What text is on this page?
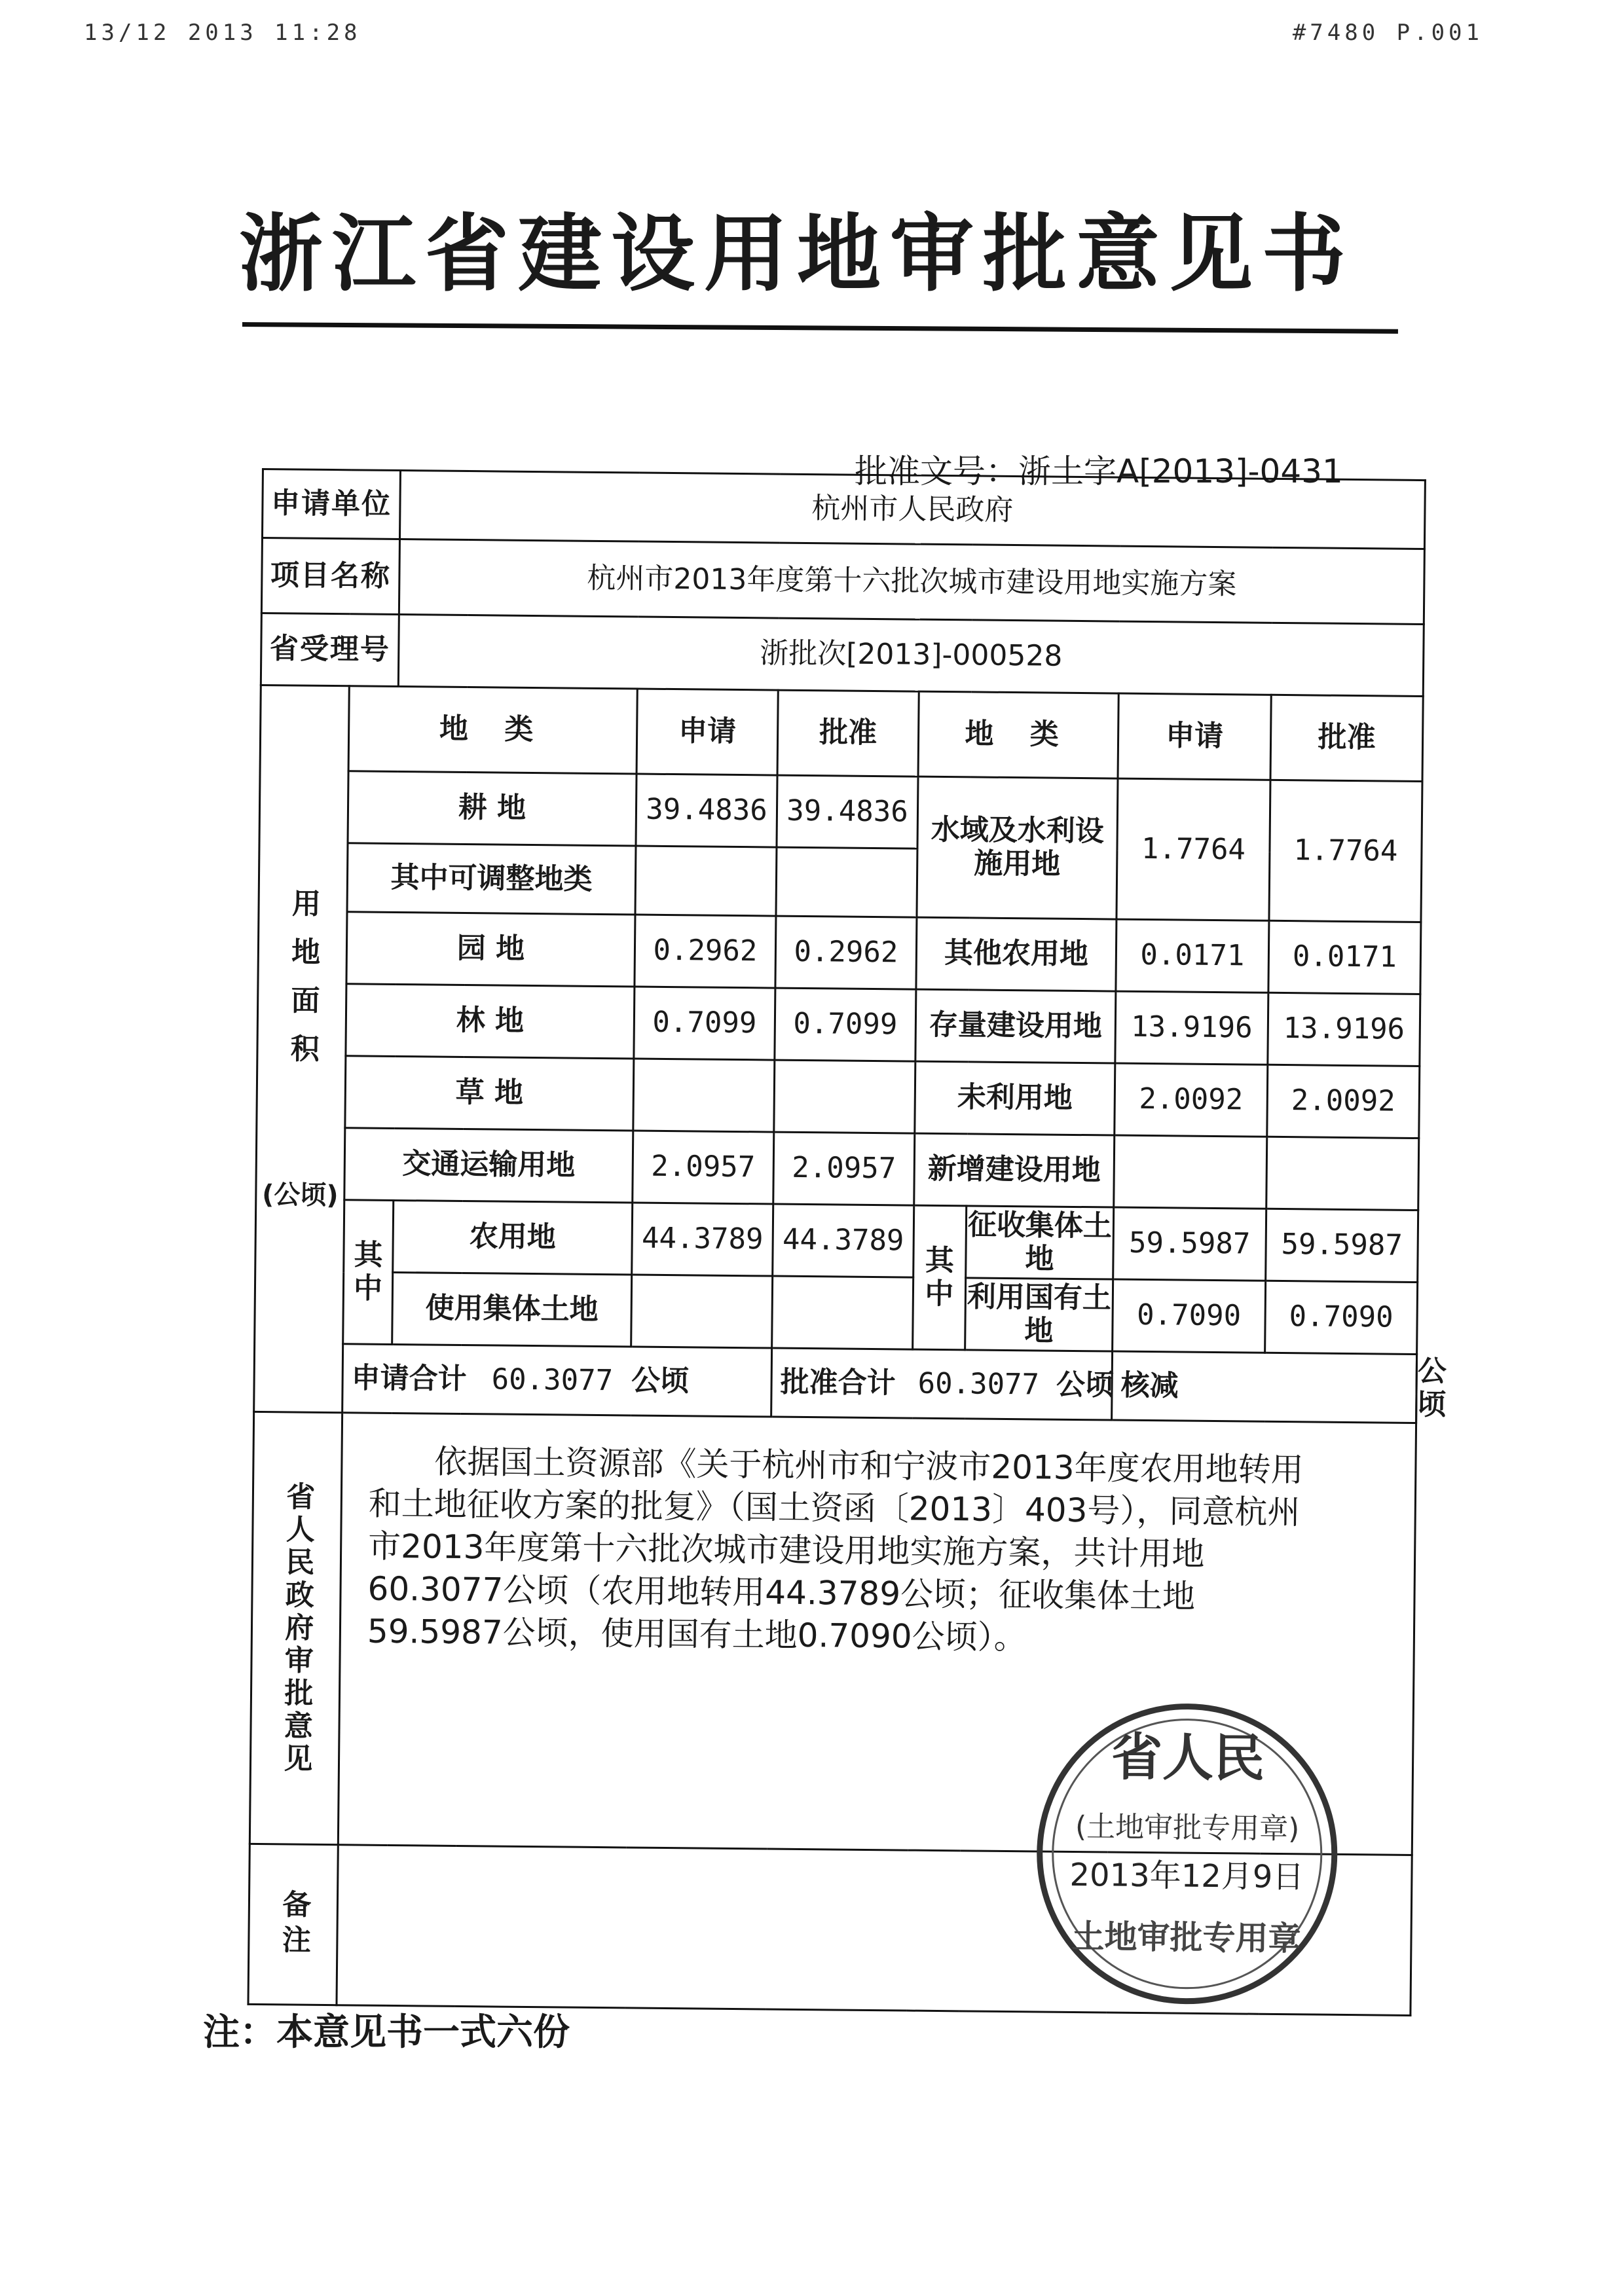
13/12 2013 11:28	#7480 P.001
浙江省建设用地审批意见书
批准文号：浙土字A[2013]-0431
申请单位		杭州市人民政府							
项目名称		杭州市2013年度第十六批次城市建设用地实施方案							
省受理号		浙批次[2013]-000528							

用地面积
(公顷)	地 类		申请	批准	地 类		申请	批准	
	耕 地		39.4836	39.4836	水域及水利设施用地		1.7764	1.7764	
	其中可调整地类								
	园 地		0.2962	0.2962	其他农用地		0.0171	0.0171	
	林 地		0.7099	0.7099	存量建设用地		13.9196	13.9196	
	草 地				未利用地		2.0092	2.0092	
	交通运输用地		2.0957	2.0957	新增建设用地				
	其中	农用地	44.3789	44.3789	其中	征收集体土地	59.5987	59.5987	
		使用集体土地				利用国有土地	0.7090	0.7090	
	申请合计 60.3077 公顷			批准合计 60.3077 公顷			核减		公顷

省人民政府审批意见	依据国土资源部《关于杭州市和宁波市2013年度农用地转用和土地征收方案的批复》（国土资函〔2013〕403号），同意杭州市2013年度第十六批次城市建设用地实施方案，共计用地60.3077公顷（农用地转用44.3789公顷；征收集体土地59.5987公顷，使用国有土地0.7090公顷）。

省人民
(土地审批专用章)
2013年12月9日
土地审批专用章								

备注									

注：本意见书一式六份
